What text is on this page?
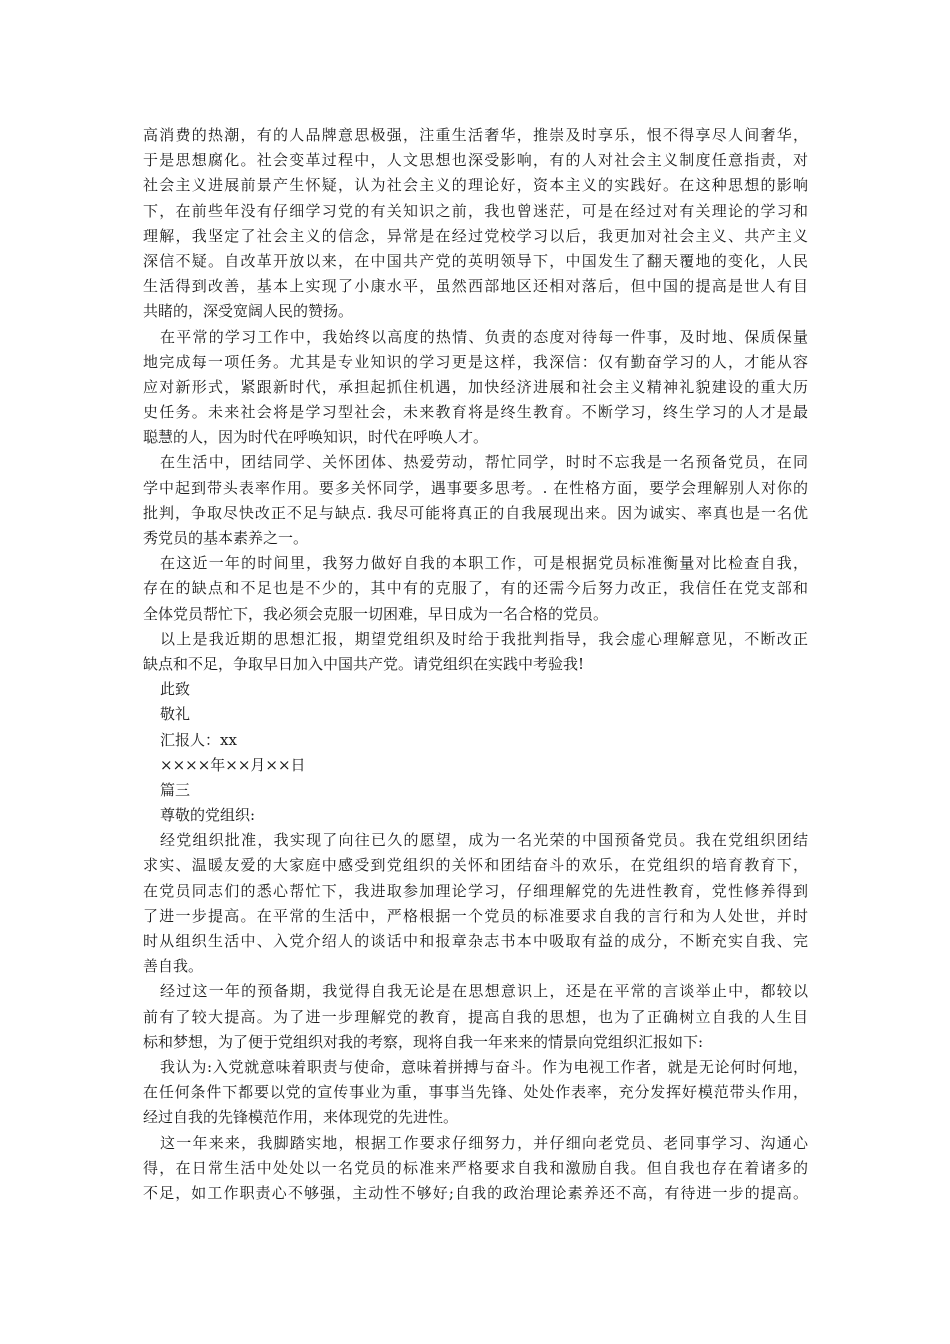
高消费的热潮，有的人品牌意思极强，注重生活奢华，推崇及时享乐，恨不得享尽人间奢华，
于是思想腐化。社会变革过程中，人文思想也深受影响，有的人对社会主义制度任意指责，对
社会主义进展前景产生怀疑，认为社会主义的理论好，资本主义的实践好。在这种思想的影响
下，在前些年没有仔细学习党的有关知识之前，我也曾迷茫，可是在经过对有关理论的学习和
理解，我坚定了社会主义的信念，异常是在经过党校学习以后，我更加对社会主义、共产主义
深信不疑。自改革开放以来，在中国共产党的英明领导下，中国发生了翻天覆地的变化，人民
生活得到改善，基本上实现了小康水平，虽然西部地区还相对落后，但中国的提高是世人有目
共睹的，深受宽阔人民的赞扬。
在平常的学习工作中，我始终以高度的热情、负责的态度对待每一件事，及时地、保质保量
地完成每一项任务。尤其是专业知识的学习更是这样，我深信：仅有勤奋学习的人，才能从容
应对新形式，紧跟新时代，承担起抓住机遇，加快经济进展和社会主义精神礼貌建设的重大历
史任务。未来社会将是学习型社会，未来教育将是终生教育。不断学习，终生学习的人才是最
聪慧的人，因为时代在呼唤知识，时代在呼唤人才。
在生活中，团结同学、关怀团体、热爱劳动，帮忙同学，时时不忘我是一名预备党员，在同
学中起到带头表率作用。要多关怀同学，遇事要多思考。. 在性格方面，要学会理解别人对你的
批判，争取尽快改正不足与缺点. 我尽可能将真正的自我展现出来。因为诚实、率真也是一名优
秀党员的基本素养之一。
在这近一年的时间里，我努力做好自我的本职工作，可是根据党员标准衡量对比检查自我，
存在的缺点和不足也是不少的，其中有的克服了，有的还需今后努力改正，我信任在党支部和
全体党员帮忙下，我必须会克服一切困难，早日成为一名合格的党员。
以上是我近期的思想汇报，期望党组织及时给于我批判指导，我会虚心理解意见，不断改正
缺点和不足，争取早日加入中国共产党。请党组织在实践中考验我!
此致
敬礼
汇报人：xx
××××年××月××日
篇三
尊敬的党组织:
经党组织批准，我实现了向往已久的愿望，成为一名光荣的中国预备党员。我在党组织团结
求实、温暖友爱的大家庭中感受到党组织的关怀和团结奋斗的欢乐，在党组织的培育教育下，
在党员同志们的悉心帮忙下，我进取参加理论学习，仔细理解党的先进性教育，党性修养得到
了进一步提高。在平常的生活中，严格根据一个党员的标准要求自我的言行和为人处世，并时
时从组织生活中、入党介绍人的谈话中和报章杂志书本中吸取有益的成分，不断充实自我、完
善自我。
经过这一年的预备期，我觉得自我无论是在思想意识上，还是在平常的言谈举止中，都较以
前有了较大提高。为了进一步理解党的教育，提高自我的思想，也为了正确树立自我的人生目
标和梦想，为了便于党组织对我的考察，现将自我一年来来的情景向党组织汇报如下:
我认为:入党就意味着职责与使命，意味着拼搏与奋斗。作为电视工作者，就是无论何时何地，
在任何条件下都要以党的宣传事业为重，事事当先锋、处处作表率，充分发挥好模范带头作用，
经过自我的先锋模范作用，来体现党的先进性。
这一年来来，我脚踏实地，根据工作要求仔细努力，并仔细向老党员、老同事学习、沟通心
得，在日常生活中处处以一名党员的标准来严格要求自我和激励自我。但自我也存在着诸多的
不足，如工作职责心不够强，主动性不够好;自我的政治理论素养还不高，有待进一步的提高。
